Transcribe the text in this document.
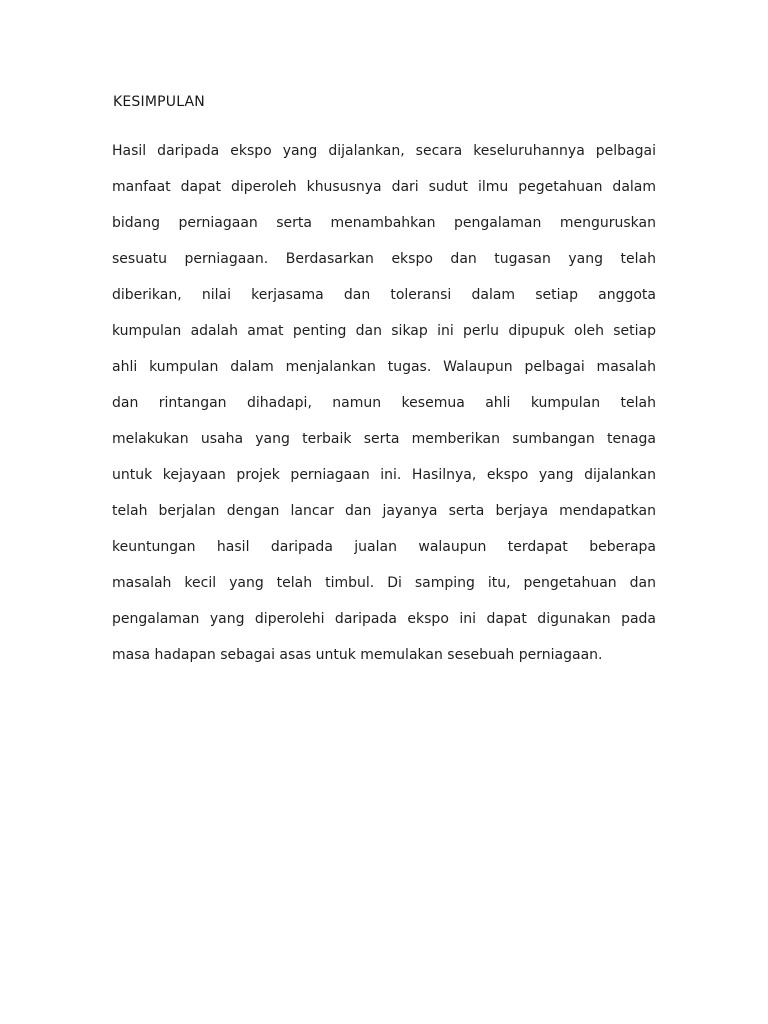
KESIMPULAN
Hasil daripada ekspo yang dijalankan, secara keseluruhannya pelbagai
manfaat dapat diperoleh khususnya dari sudut ilmu pegetahuan dalam
bidang perniagaan serta menambahkan pengalaman menguruskan
sesuatu perniagaan. Berdasarkan ekspo dan tugasan yang telah
diberikan, nilai kerjasama dan toleransi dalam setiap anggota
kumpulan adalah amat penting dan sikap ini perlu dipupuk oleh setiap
ahli kumpulan dalam menjalankan tugas. Walaupun pelbagai masalah
dan rintangan dihadapi, namun kesemua ahli kumpulan telah
melakukan usaha yang terbaik serta memberikan sumbangan tenaga
untuk kejayaan projek perniagaan ini. Hasilnya, ekspo yang dijalankan
telah berjalan dengan lancar dan jayanya serta berjaya mendapatkan
keuntungan hasil daripada jualan walaupun terdapat beberapa
masalah kecil yang telah timbul. Di samping itu, pengetahuan dan
pengalaman yang diperolehi daripada ekspo ini dapat digunakan pada
masa hadapan sebagai asas untuk memulakan sesebuah perniagaan.
